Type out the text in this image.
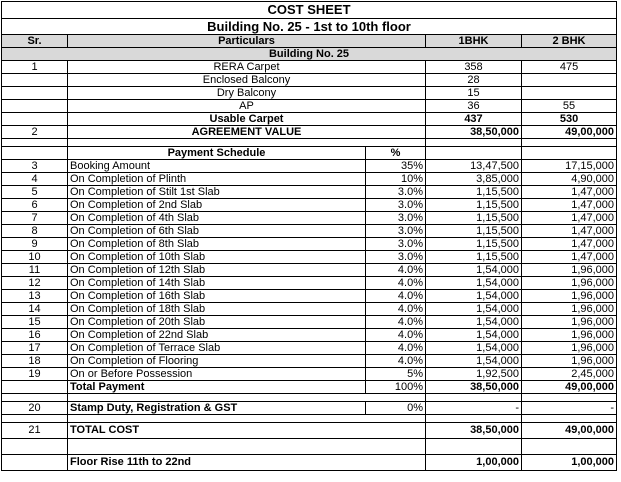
COST SHEET				
Building No. 25 - 1st to 10th floor				
Sr.	Particulars		1BHK	2 BHK
Building No. 25				
1	RERA Carpet		358	475
	Enclosed Balcony		28	
	Dry Balcony		15	
	AP		36	55
	Usable Carpet		437	530
2	AGREEMENT VALUE		38,50,000	49,00,000

	Payment Schedule	%		
3	Booking Amount	35%	13,47,500	17,15,000
4	On Completion of Plinth	10%	3,85,000	4,90,000
5	On Completion of Stilt 1st Slab	3.0%	1,15,500	1,47,000
6	On Completion of 2nd Slab	3.0%	1,15,500	1,47,000
7	On Completion of 4th Slab	3.0%	1,15,500	1,47,000
8	On Completion of 6th Slab	3.0%	1,15,500	1,47,000
9	On Completion of 8th Slab	3.0%	1,15,500	1,47,000
10	On Completion of 10th Slab	3.0%	1,15,500	1,47,000
11	On Completion of 12th Slab	4.0%	1,54,000	1,96,000
12	On Completion of 14th Slab	4.0%	1,54,000	1,96,000
13	On Completion of 16th Slab	4.0%	1,54,000	1,96,000
14	On Completion of 18th Slab	4.0%	1,54,000	1,96,000
15	On Completion of 20th Slab	4.0%	1,54,000	1,96,000
16	On Completion of 22nd Slab	4.0%	1,54,000	1,96,000
17	On Completion of Terrace Slab	4.0%	1,54,000	1,96,000
18	On Completion of Flooring	4.0%	1,54,000	1,96,000
19	On or Before Possession	5%	1,92,500	2,45,000
	Total Payment	100%	38,50,000	49,00,000

20	Stamp Duty, Registration & GST	0%	-	-

21	TOTAL COST		38,50,000	49,00,000

	Floor Rise 11th to 22nd		1,00,000	1,00,000
